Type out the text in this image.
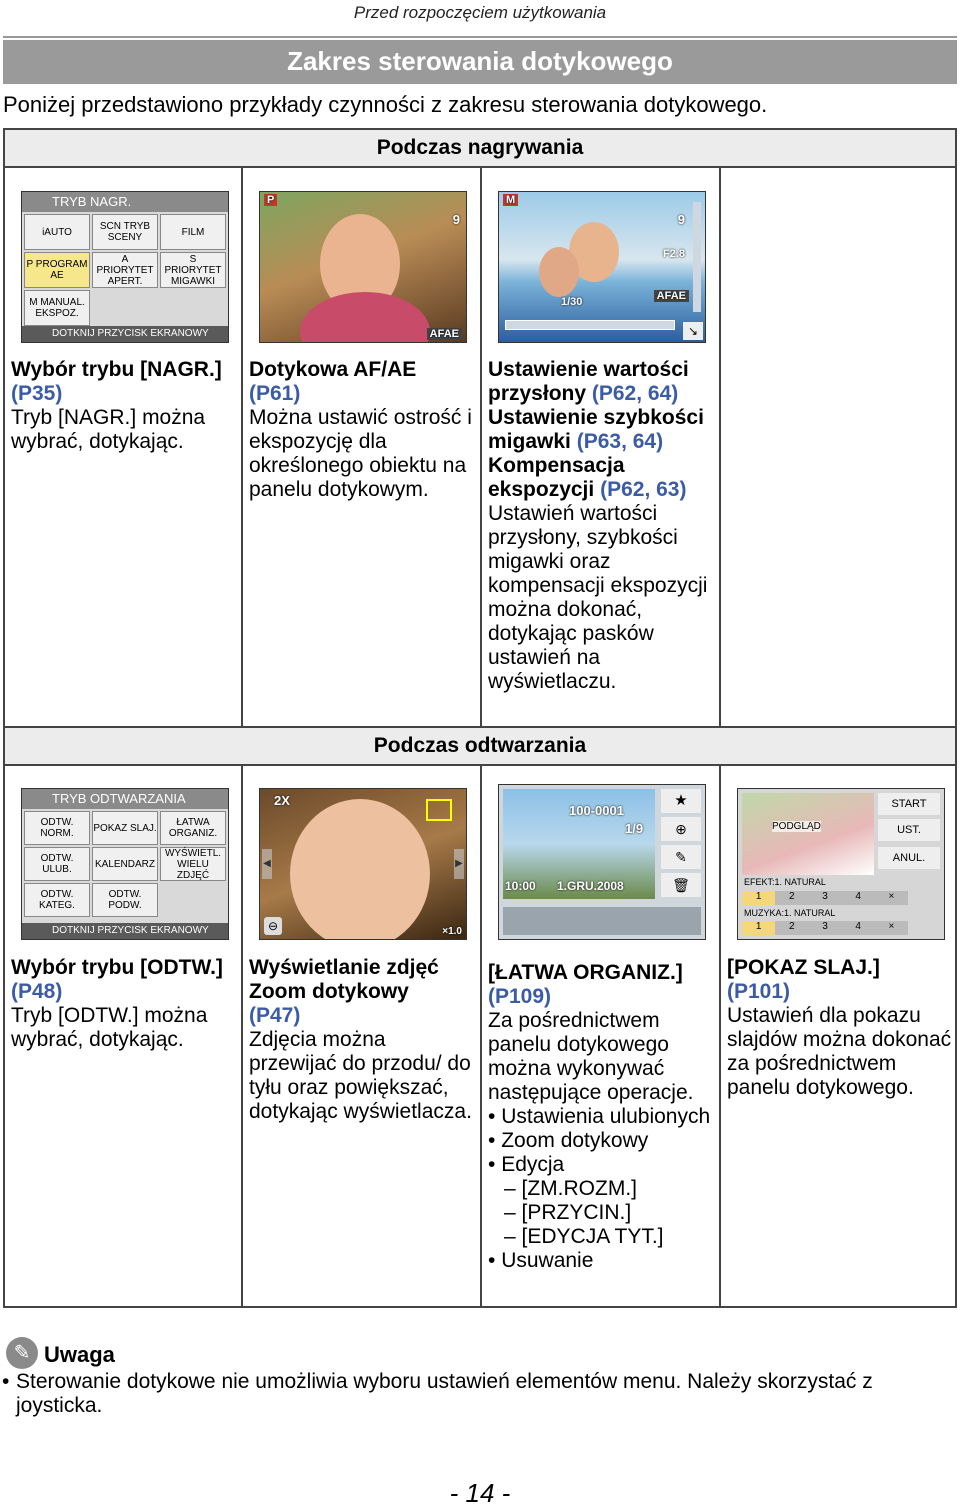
Przed rozpoczęciem użytkowania
Zakres sterowania dotykowego
Poniżej przedstawiono przykłady czynności z zakresu sterowania dotykowego.
Podczas nagrywania
TRYB NAGR.
iAUTO	SCN TRYB SCENY	FILM
P PROGRAM AE
A PRIORYTET APERT.
S PRIORYTET MIGAWKI
M MANUAL. EKSPOZ.
DOTKNIJ PRZYCISK EKRANOWY
P
9
AFAE
M
9
F2.8
1/30	AFAE
↘
Wybór trybu [NAGR.]
(P35)
Tryb [NAGR.] można wybrać, dotykając.
Dotykowa AF/AE
(P61)
Można ustawić ostrość i ekspozycję dla określonego obiektu na panelu dotykowym.
Ustawienie wartości przysłony (P62, 64)
Ustawienie szybkości migawki (P63, 64)
Kompensacja ekspozycji (P62, 63)
Ustawień wartości przysłony, szybkości migawki oraz kompensacji ekspozycji można dokonać, dotykając pasków ustawień na wyświetlaczu.
Podczas odtwarzania
TRYB ODTWARZANIA
ODTW. NORM.	POKAZ SLAJ.	ŁATWA ORGANIZ.
ODTW. ULUB.	KALENDARZ
WYŚWIETL. WIELU ZDJĘĆ
ODTW. KATEG.
ODTW. PODW.
DOTKNIJ PRZYCISK EKRANOWY
2X
◀	▶
⊖	×1.0
100-0001
1/9
10:00 1.GRU.2008
★
⊕
✎
🗑
PODGLĄD
START
UST.
ANUL.
EFEKT:1. NATURAL
1	2	3	4	×
MUZYKA:1. NATURAL
1	2	3	4	×
Wybór trybu [ODTW.]
(P48)
Tryb [ODTW.] można wybrać, dotykając.
Wyświetlanie zdjęć
Zoom dotykowy
(P47)
Zdjęcia można przewijać do przodu/ do tyłu oraz powiększać, dotykając wyświetlacza.
[ŁATWA ORGANIZ.]
(P109)
Za pośrednictwem panelu dotykowego można wykonywać następujące operacje.
• Ustawienia ulubionych
• Zoom dotykowy
• Edycja
– [ZM.ROZM.]
– [PRZYCIN.]
– [EDYCJA TYT.]
• Usuwanie
[POKAZ SLAJ.]
(P101)
Ustawień dla pokazu slajdów można dokonać za pośrednictwem panelu dotykowego.
✎ Uwaga
• Sterowanie dotykowe nie umożliwia wyboru ustawień elementów menu. Należy skorzystać z joysticka.
- 14 -
